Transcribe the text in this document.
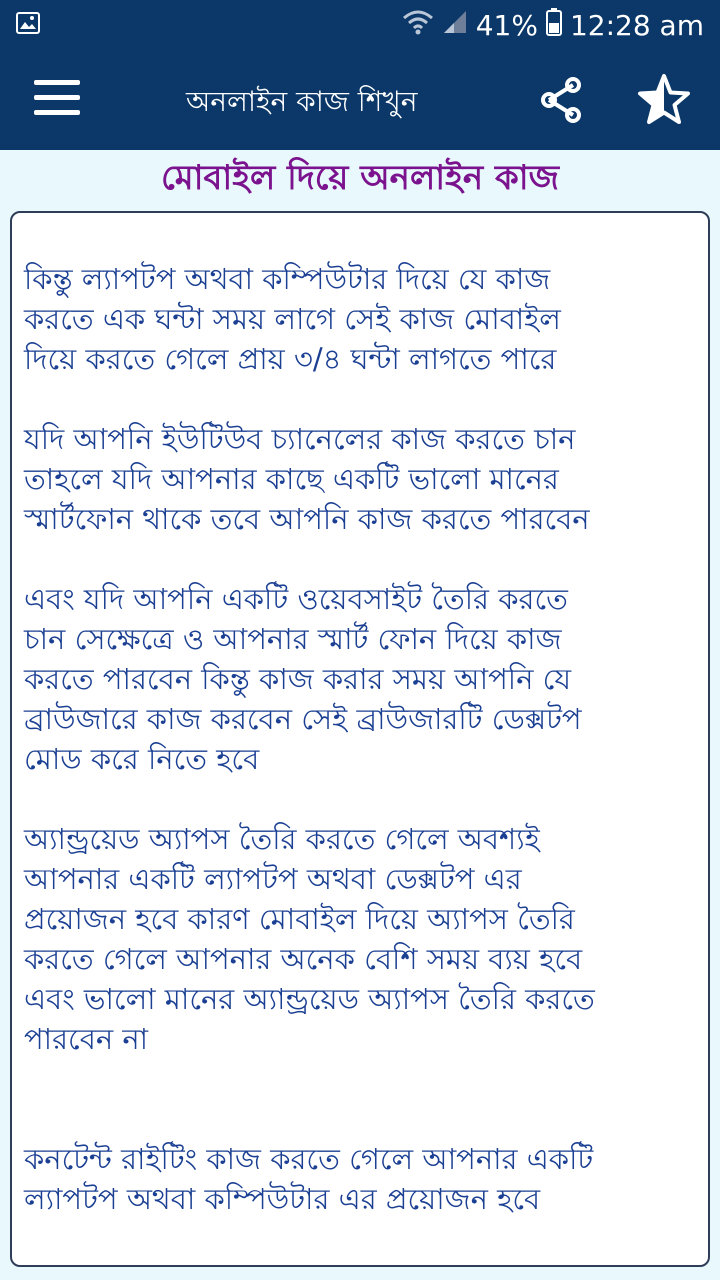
41% 12:28 am
অনলাইন কাজ শিখুন
মোবাইল দিয়ে অনলাইন কাজ

কিন্তু ল্যাপটপ অথবা কম্পিউটার দিয়ে যে কাজ
করতে এক ঘন্টা সময় লাগে সেই কাজ মোবাইল
দিয়ে করতে গেলে প্রায় ৩/৪ ঘন্টা লাগতে পারে

যদি আপনি ইউটিউব চ্যানেলের কাজ করতে চান
তাহলে যদি আপনার কাছে একটি ভালো মানের
স্মার্টফোন থাকে তবে আপনি কাজ করতে পারবেন

এবং যদি আপনি একটি ওয়েবসাইট তৈরি করতে
চান সেক্ষেত্রে ও আপনার স্মার্ট ফোন দিয়ে কাজ
করতে পারবেন কিন্তু কাজ করার সময় আপনি যে
ব্রাউজারে কাজ করবেন সেই ব্রাউজারটি ডেক্সটপ
মোড করে নিতে হবে

অ্যান্ড্রয়েড অ্যাপস তৈরি করতে গেলে অবশ্যই
আপনার একটি ল্যাপটপ অথবা ডেক্সটপ এর
প্রয়োজন হবে কারণ মোবাইল দিয়ে অ্যাপস তৈরি
করতে গেলে আপনার অনেক বেশি সময় ব্যয় হবে
এবং ভালো মানের অ্যান্ড্রয়েড অ্যাপস তৈরি করতে
পারবেন না

কনটেন্ট রাইটিং কাজ করতে গেলে আপনার একটি
ল্যাপটপ অথবা কম্পিউটার এর প্রয়োজন হবে
